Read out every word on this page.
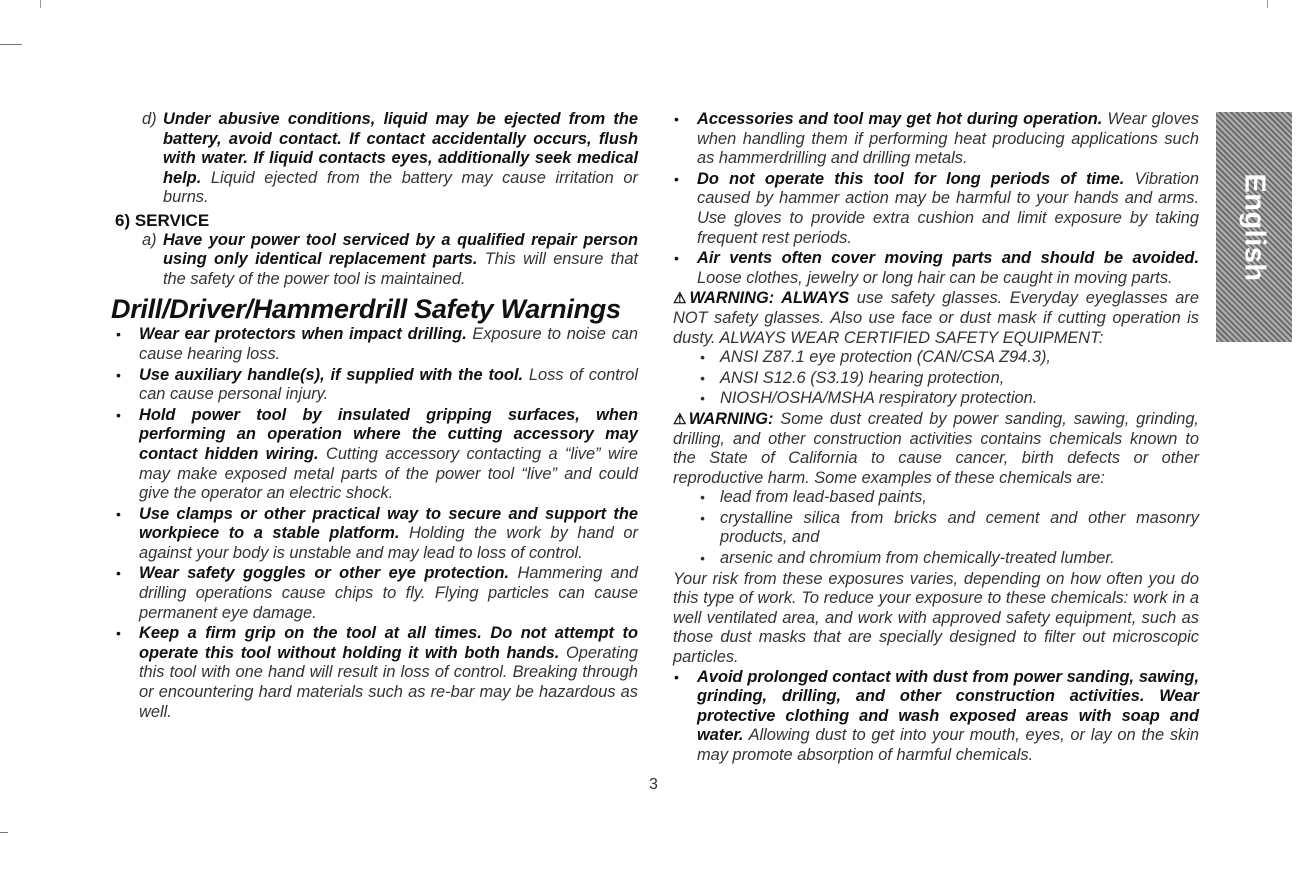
English
d) Under abusive conditions, liquid may be ejected from the battery, avoid contact. If contact accidentally occurs, flush with water. If liquid contacts eyes, additionally seek medical help. Liquid ejected from the battery may cause irritation or burns.
6) SERVICE
a) Have your power tool serviced by a qualified repair person using only identical replacement parts. This will ensure that the safety of the power tool is maintained.
Drill/Driver/Hammerdrill Safety Warnings
• Wear ear protectors when impact drilling. Exposure to noise can cause hearing loss.
• Use auxiliary handle(s), if supplied with the tool. Loss of control can cause personal injury.
• Hold power tool by insulated gripping surfaces, when performing an operation where the cutting accessory may contact hidden wiring. Cutting accessory contacting a “live” wire may make exposed metal parts of the power tool “live” and could give the operator an electric shock.
• Use clamps or other practical way to secure and support the workpiece to a stable platform. Holding the work by hand or against your body is unstable and may lead to loss of control.
• Wear safety goggles or other eye protection. Hammering and drilling operations cause chips to fly. Flying particles can cause permanent eye damage.
• Keep a firm grip on the tool at all times. Do not attempt to operate this tool without holding it with both hands. Operating this tool with one hand will result in loss of control. Breaking through or encountering hard materials such as re-bar may be hazardous as well.
• Accessories and tool may get hot during operation. Wear gloves when handling them if performing heat producing applications such as hammerdrilling and drilling metals.
• Do not operate this tool for long periods of time. Vibration caused by hammer action may be harmful to your hands and arms. Use gloves to provide extra cushion and limit exposure by taking frequent rest periods.
• Air vents often cover moving parts and should be avoided. Loose clothes, jewelry or long hair can be caught in moving parts.
⚠WARNING: ALWAYS use safety glasses. Everyday eyeglasses are NOT safety glasses. Also use face or dust mask if cutting operation is dusty. ALWAYS WEAR CERTIFIED SAFETY EQUIPMENT:
• ANSI Z87.1 eye protection (CAN/CSA Z94.3),
• ANSI S12.6 (S3.19) hearing protection,
• NIOSH/OSHA/MSHA respiratory protection.
⚠WARNING: Some dust created by power sanding, sawing, grinding, drilling, and other construction activities contains chemicals known to the State of California to cause cancer, birth defects or other reproductive harm. Some examples of these chemicals are:
• lead from lead-based paints,
• crystalline silica from bricks and cement and other masonry products, and
• arsenic and chromium from chemically-treated lumber.
Your risk from these exposures varies, depending on how often you do this type of work. To reduce your exposure to these chemicals: work in a well ventilated area, and work with approved safety equipment, such as those dust masks that are specially designed to filter out microscopic particles.
• Avoid prolonged contact with dust from power sanding, sawing, grinding, drilling, and other construction activities. Wear protective clothing and wash exposed areas with soap and water. Allowing dust to get into your mouth, eyes, or lay on the skin may promote absorption of harmful chemicals.
3
